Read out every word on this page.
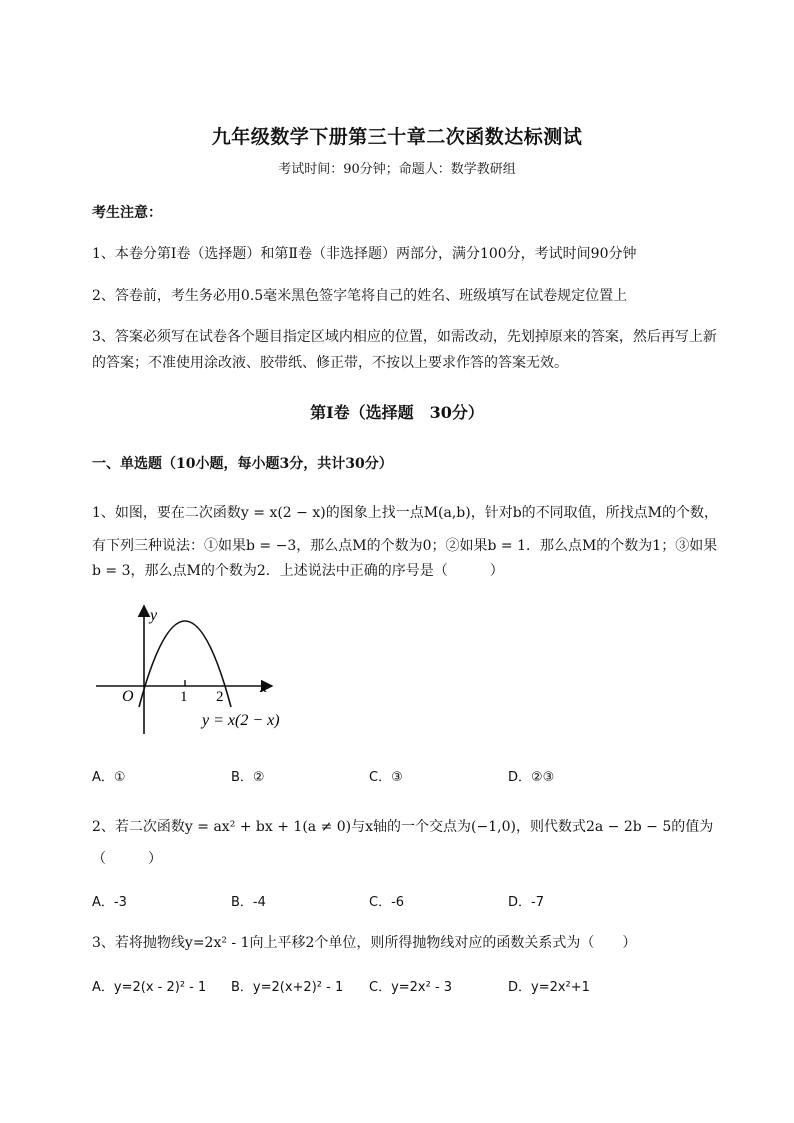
九年级数学下册第三十章二次函数达标测试
考试时间：90分钟；命题人：数学教研组
考生注意：
1、本卷分第Ⅰ卷（选择题）和第Ⅱ卷（非选择题）两部分，满分100分，考试时间90分钟
2、答卷前，考生务必用0.5毫米黑色签字笔将自己的姓名、班级填写在试卷规定位置上
3、答案必须写在试卷各个题目指定区域内相应的位置，如需改动，先划掉原来的答案，然后再写上新
的答案；不准使用涂改液、胶带纸、修正带，不按以上要求作答的答案无效。
第Ⅰ卷（选择题　30分）
一、单选题（10小题，每小题3分，共计30分）
1、如图，要在二次函数y = x(2 − x)的图象上找一点M(a,b)，针对b的不同取值，所找点M的个数，
有下列三种说法：①如果b = −3，那么点M的个数为0；②如果b = 1．那么点M的个数为1；③如果
b = 3，那么点M的个数为2．上述说法中正确的序号是（　　　）
y
x
O	1 2
y = x(2 − x)
A．①	B．②	C．③	D．②③
2、若二次函数y = ax² + bx + 1(a ≠ 0)与x轴的一个交点为(−1,0)，则代数式2a − 2b − 5的值为
（　　　）
A．-3	B．-4	C．-6	D．-7
3、若将抛物线y=2x² - 1向上平移2个单位，则所得抛物线对应的函数关系式为（　　）
A．y=2(x - 2)² - 1 B．y=2(x+2)² - 1 C．y=2x² - 3	D．y=2x²+1
